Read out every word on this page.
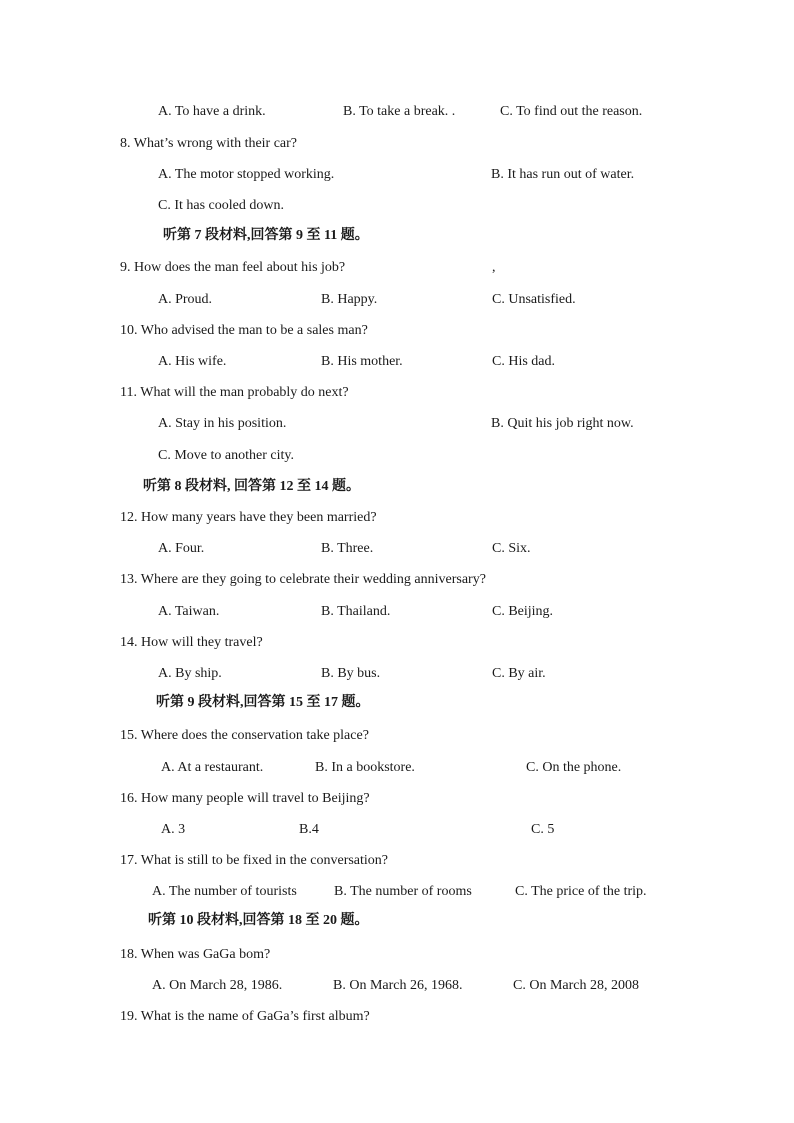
A. To have a drink.	B. To take a break. .	C. To find out the reason.
8. What’s wrong with their car?
A. The motor stopped working.	B. It has run out of water.
C. It has cooled down.
听第 7 段材料,回答第 9 至 11 题。
9. How does the man feel about his job?	,
A. Proud.	B. Happy.	C. Unsatisfied.
10. Who advised the man to be a sales man?
A. His wife.	B. His mother.	C. His dad.
11. What will the man probably do next?
A. Stay in his position.	B. Quit his job right now.
C. Move to another city.
听第 8 段材料, 回答第 12 至 14 题。
12. How many years have they been married?
A. Four.	B. Three.	C. Six.
13. Where are they going to celebrate their wedding anniversary?
A. Taiwan.	B. Thailand.	C. Beijing.
14. How will they travel?
A. By ship.	B. By bus.	C. By air.
听第 9 段材料,回答第 15 至 17 题。
15. Where does the conservation take place?
A. At a restaurant.	B. In a bookstore.	C. On the phone.
16. How many people will travel to Beijing?
A. 3	B.4	C. 5
17. What is still to be fixed in the conversation?
A. The number of tourists	B. The number of rooms	C. The price of the trip.
听第 10 段材料,回答第 18 至 20 题。
18. When was GaGa bom?
A. On March 28, 1986.	B. On March 26, 1968.	C. On March 28, 2008
19. What is the name of GaGa’s first album?
